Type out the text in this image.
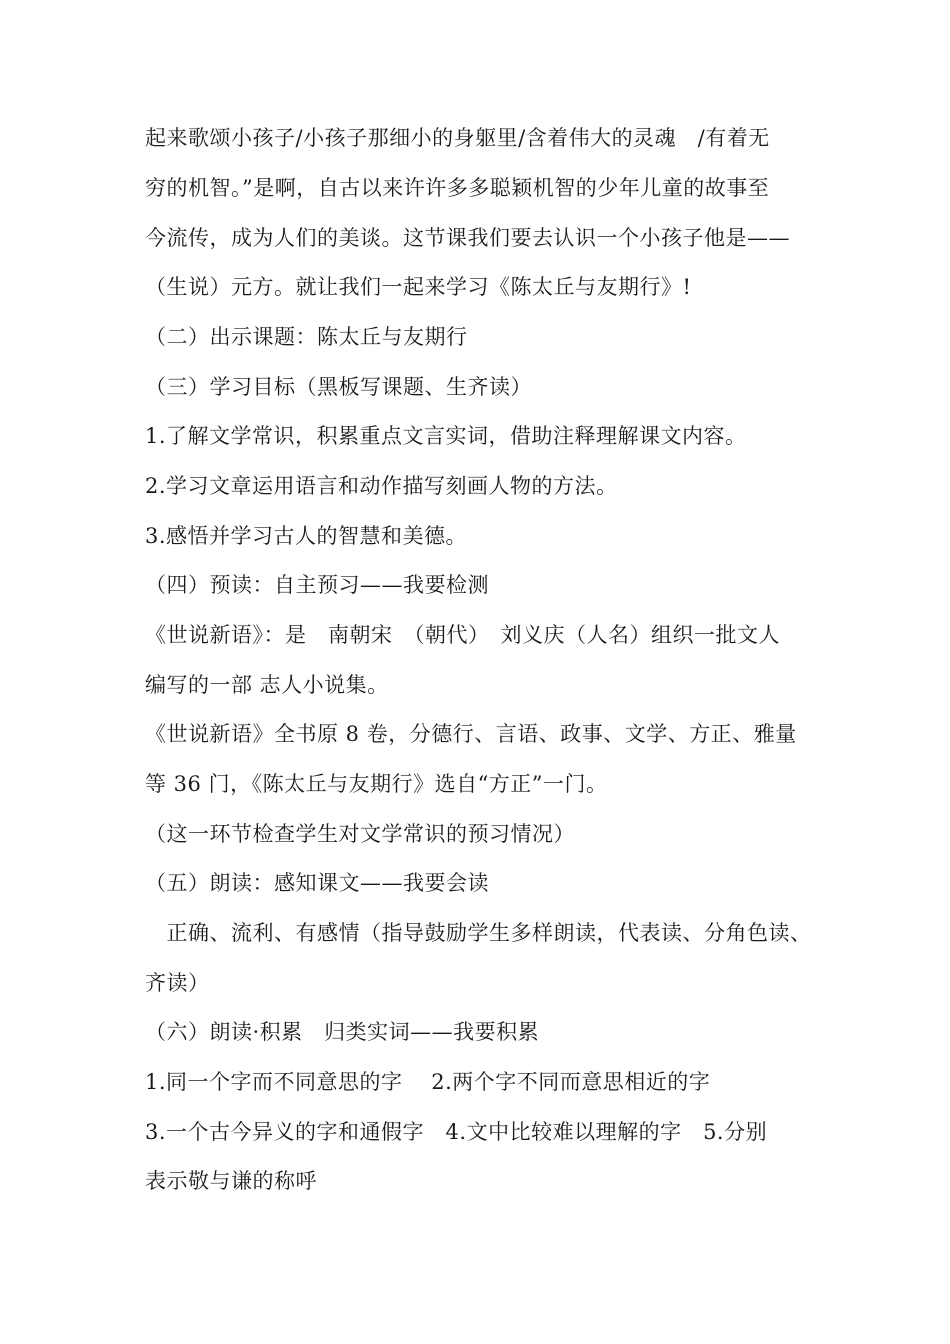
起来歌颂小孩子/小孩子那细小的身躯里/含着伟大的灵魂　/有着无
穷的机智。”是啊，自古以来许许多多聪颖机智的少年儿童的故事至
今流传，成为人们的美谈。这节课我们要去认识一个小孩子他是——
（生说）元方。就让我们一起来学习《陈太丘与友期行》!
（二）出示课题：陈太丘与友期行
（三）学习目标（黑板写课题、生齐读）
1.了解文学常识，积累重点文言实词，借助注释理解课文内容。
2.学习文章运用语言和动作描写刻画人物的方法。
3.感悟并学习古人的智慧和美德。
（四）预读：自主预习——我要检测
《世说新语》：是　南朝宋　（朝代）　刘义庆（人名）组织一批文人
编写的一部 志人小说集。
《世说新语》全书原 8 卷，分德行、言语、政事、文学、方正、雅量
等 36 门，《陈太丘与友期行》选自“方正”一门。
（这一环节检查学生对文学常识的预习情况）
（五）朗读：感知课文——我要会读
　正确、流利、有感情（指导鼓励学生多样朗读，代表读、分角色读、
齐读）
（六）朗读·积累　归类实词——我要积累
1.同一个字而不同意思的字　 2.两个字不同而意思相近的字
3.一个古今异义的字和通假字　4.文中比较难以理解的字　5.分别
表示敬与谦的称呼
